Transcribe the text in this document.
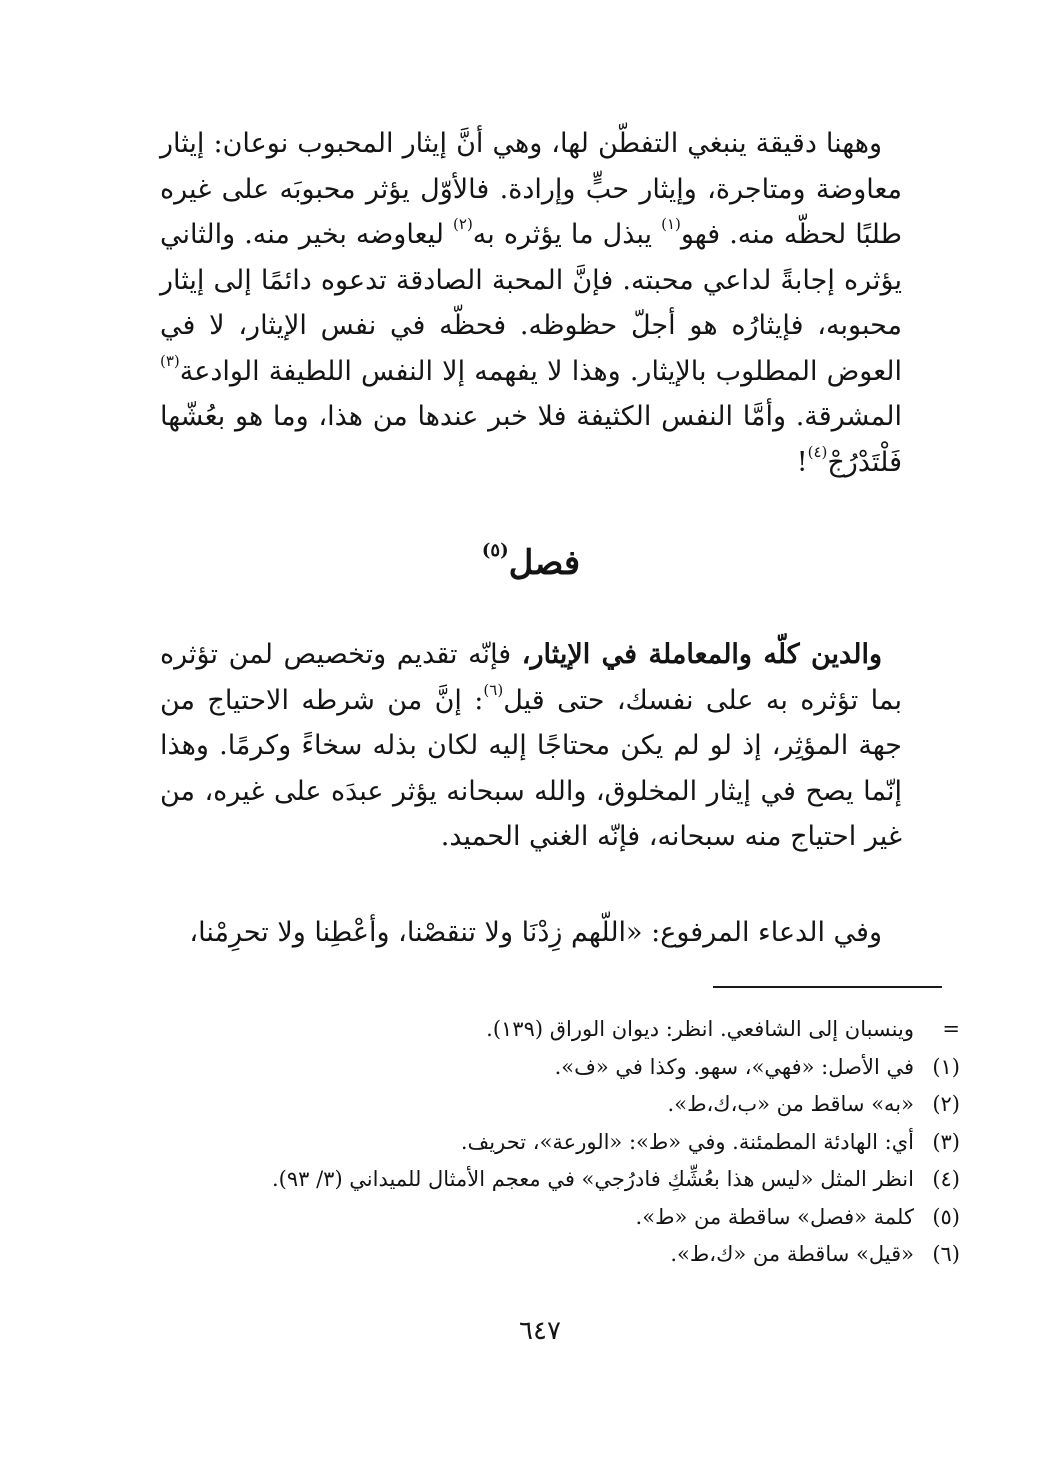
وههنا دقيقة ينبغي التفطّن لها، وهي أنَّ إيثار المحبوب نوعان: إيثار معاوضة ومتاجرة، وإيثار حبٍّ وإرادة. فالأوّل يؤثر محبوبَه على غيره طلبًا لحظّه منه. فهو$^{(١)}$ يبذل ما يؤثره به$^{(٢)}$ ليعاوضه بخير منه. والثاني يؤثره إجابةً لداعي محبته. فإنَّ المحبة الصادقة تدعوه دائمًا إلى إيثار محبوبه، فإيثارُه هو أجلّ حظوظه. فحظّه في نفس الإيثار، لا في العوض المطلوب بالإيثار. وهذا لا يفهمه إلا النفس اللطيفة الوادعة$^{(٣)}$ المشرقة. وأمَّا النفس الكثيفة فلا خبر عندها من هذا، وما هو بعُشّها فَلْتَدْرُجْ$^{(٤)}$!
فصل$^{(٥)}$
والدين كلّه والمعاملة في الإيثار، فإنّه تقديم وتخصيص لمن تؤثره بما تؤثره به على نفسك، حتى قيل$^{(٦)}$: إنَّ من شرطه الاحتياج من جهة المؤثِر، إذ لو لم يكن محتاجًا إليه لكان بذله سخاءً وكرمًا. وهذا إنّما يصح في إيثار المخلوق، والله سبحانه يؤثر عبدَه على غيره، من غير احتياج منه سبحانه، فإنّه الغني الحميد.
وفي الدعاء المرفوع: «اللّهم زِدْنَا ولا تنقصْنا، وأعْطِنا ولا تحرِمْنا،
=
وينسبان إلى الشافعي. انظر: ديوان الوراق (١٣٩).
(١)
في الأصل: «فهي»، سهو. وكذا في «ف».
(٢)
«به» ساقط من «ب،ك،ط».
(٣)
أي: الهادئة المطمئنة. وفي «ط»: «الورعة»، تحريف.
(٤)
انظر المثل «ليس هذا بعُشِّكِ فادرُجي» في معجم الأمثال للميداني (٣/ ٩٣).
(٥)
كلمة «فصل» ساقطة من «ط».
(٦)
«قيل» ساقطة من «ك،ط».
٦٤٧
